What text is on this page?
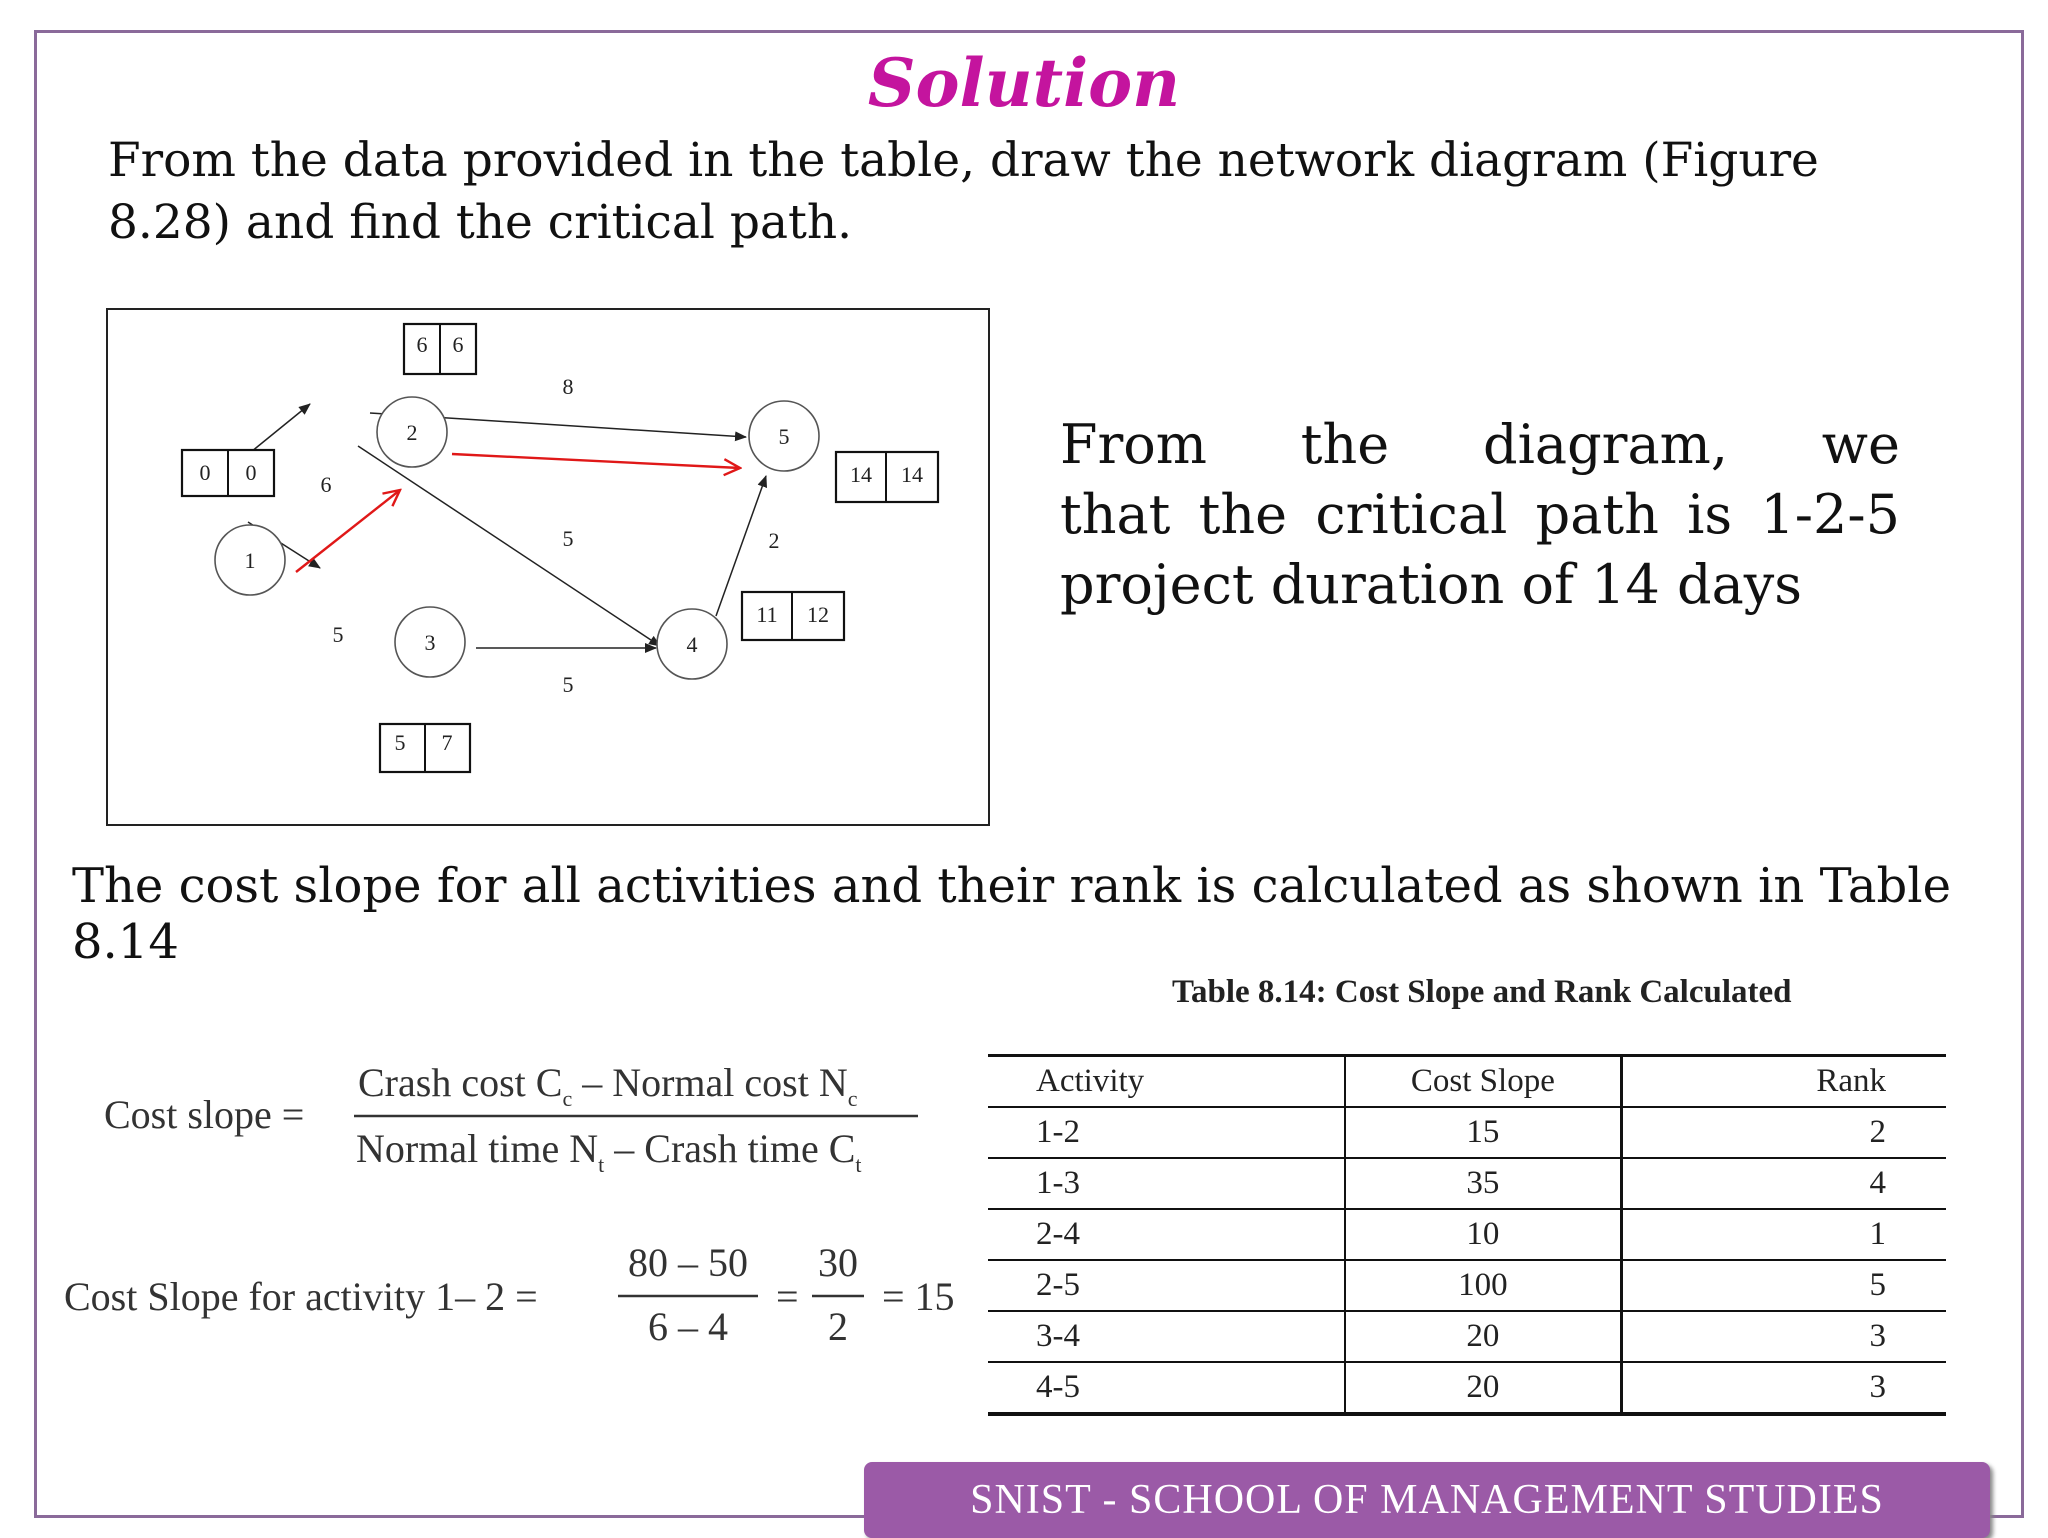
Solution
From the data provided in the table, draw the network diagram (Figure 8.28) and find the critical path.
1
2
3	4
5
6
5
8
5
5
2
0 0
6 6
5 7
11 12
14 14	From the diagram, we
that the critical path is 1-2-5
project duration of 14 days
The cost slope for all activities and their rank is calculated as shown in Table 8.14
Cost slope =
Crash cost $C_c$ – Normal cost $N_c$
Normal time $N_t$ – Crash time $C_t$
Cost Slope for activity 1– 2 =
80 – 50
6 – 4
=
30
2
= 15
Table 8.14: Cost Slope and Rank Calculated
Activity	Cost Slope	Rank
1-2	15	2
1-3	35	4
2-4	10	1
2-5	100	5
3-4	20	3
4-5	20	3
SNIST - SCHOOL OF MANAGEMENT STUDIES
